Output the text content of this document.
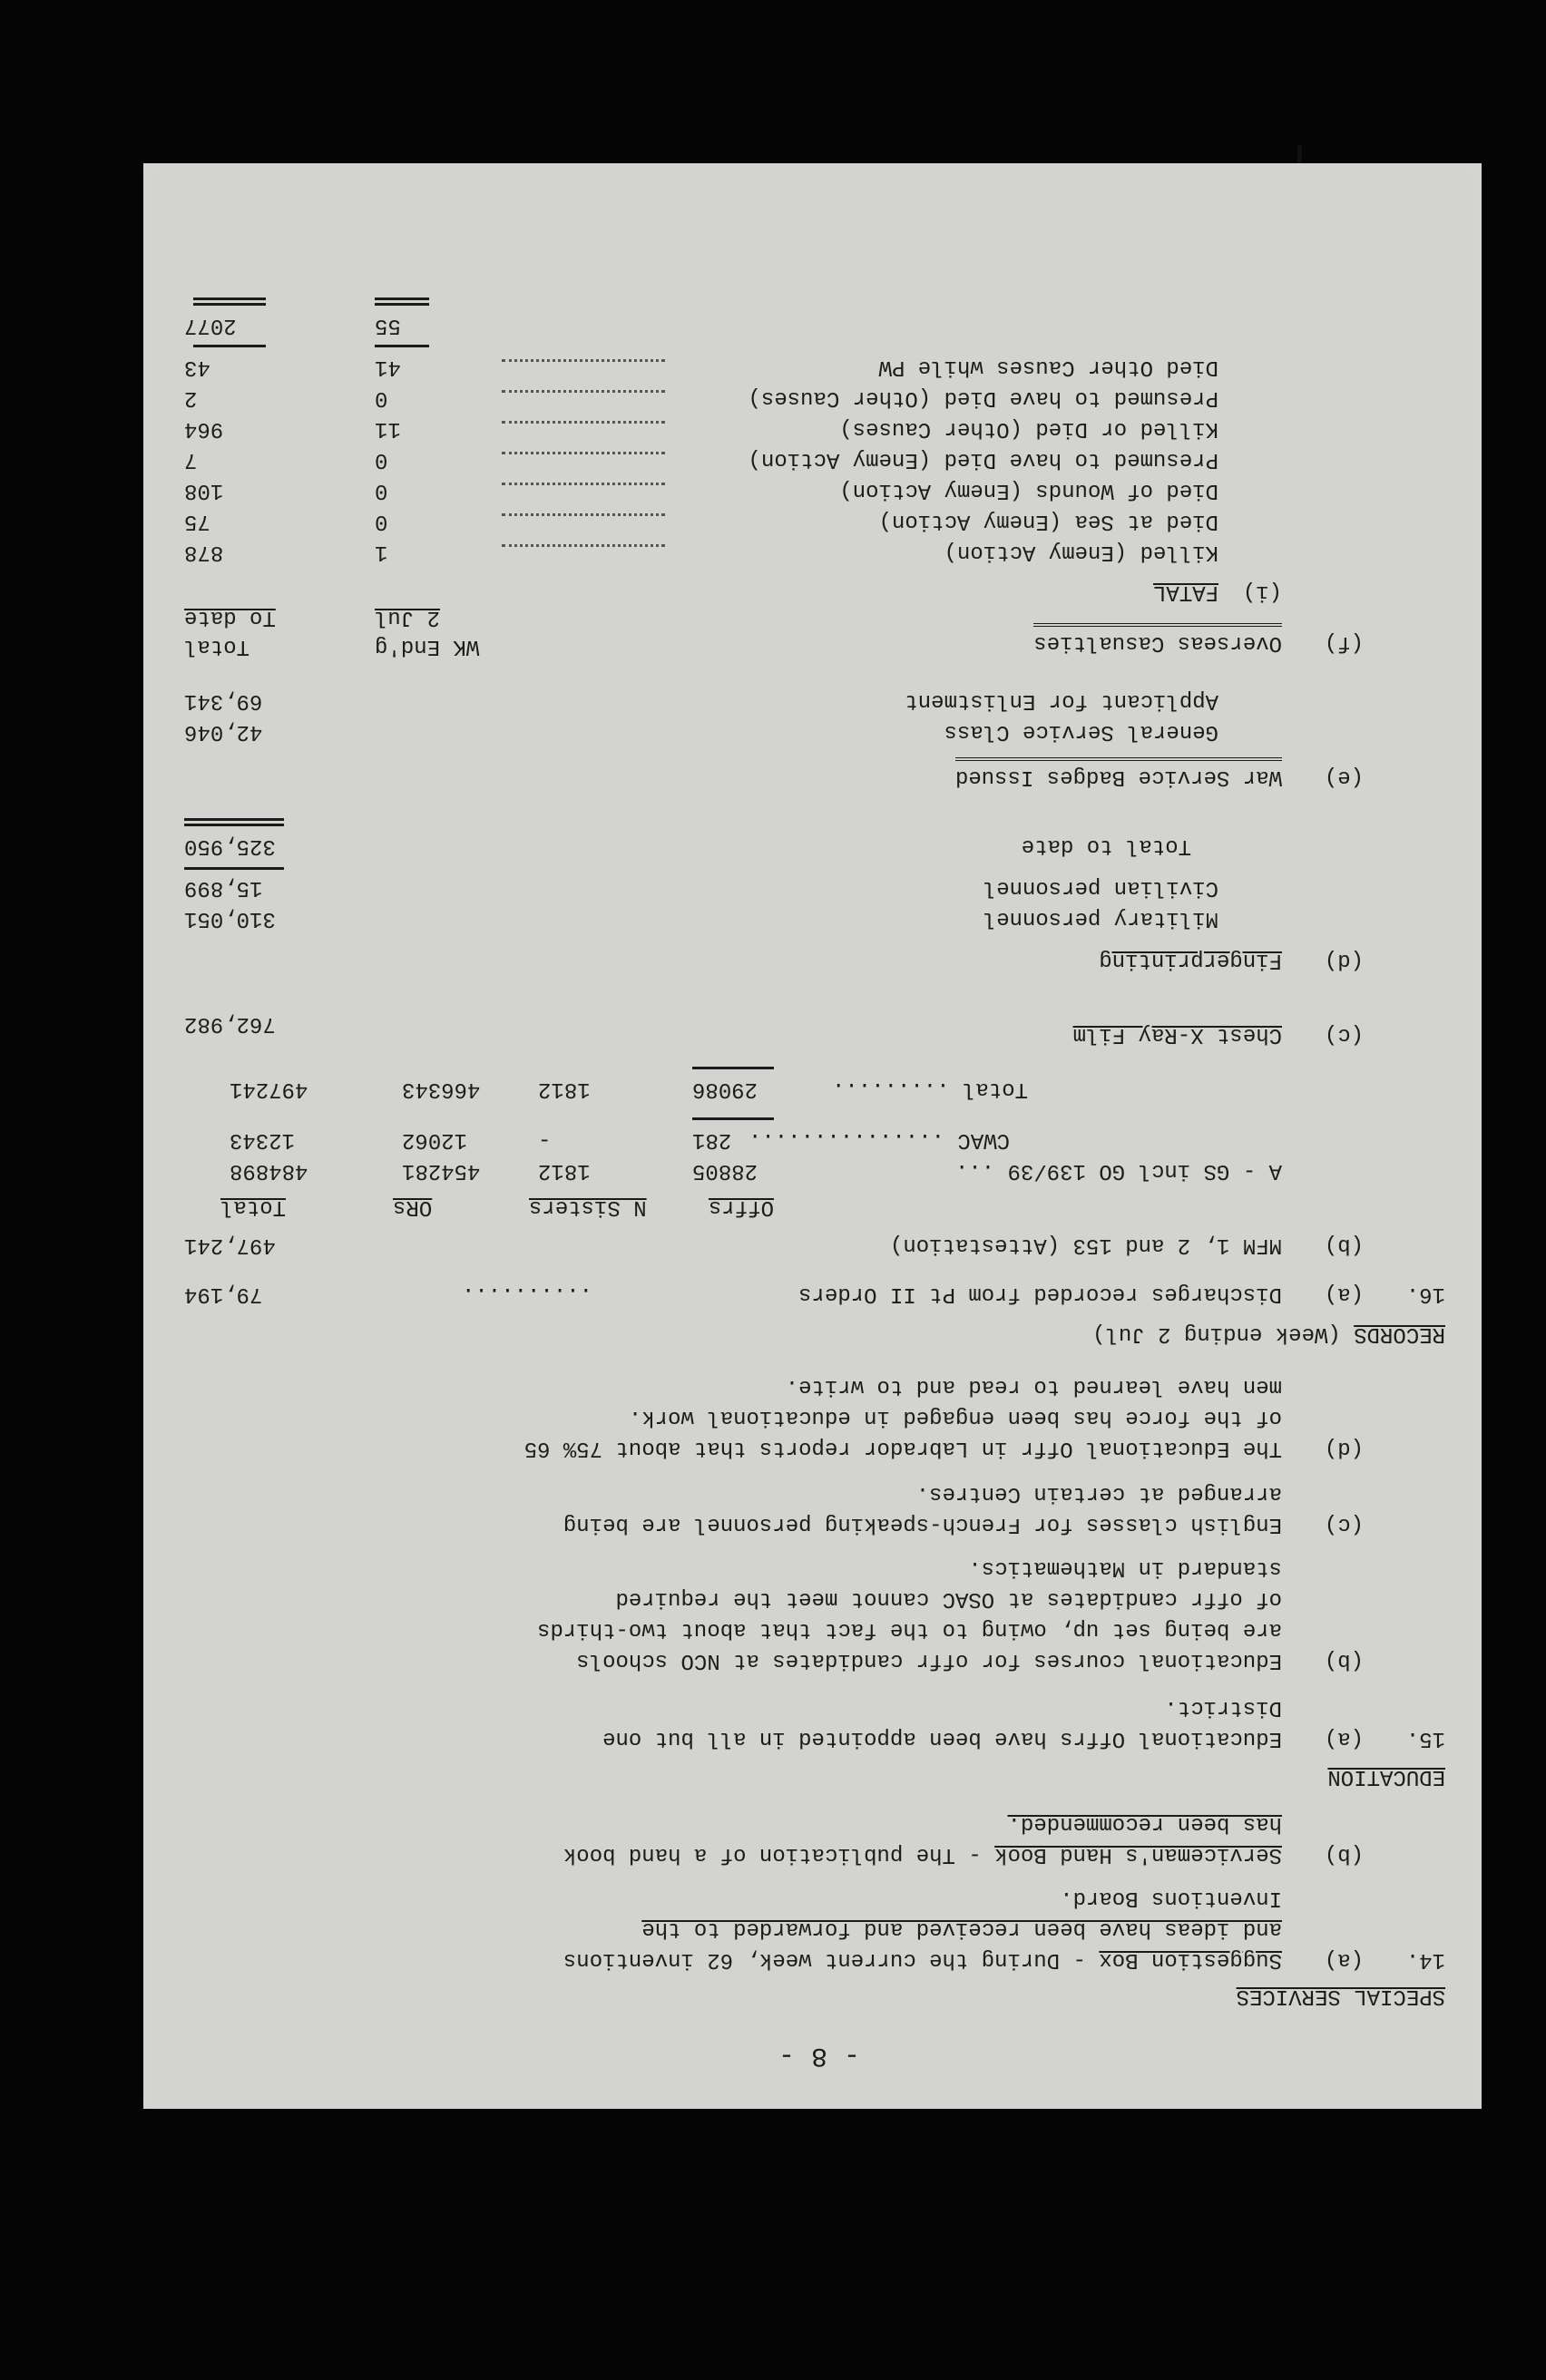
- 8 -
SPECIAL SERVICES
14.
(a)
Suggestion Box - During the current week, 62 inventions
and ideas have been received and forwarded to the
Inventions Board.
(b)
Serviceman's Hand Book - The publication of a hand book
has been recommended.
EDUCATION
15.
(a)
Educational Offrs have been appointed in all but one
District.
(b)
Educational courses for offr candidates at NCO schools
are being set up, owing to the fact that about two-thirds
of offr candidates at OSAC cannot meet the required
standard in Mathematics.
(c)
English classes for French-speaking personnel are being
arranged at certain Centres.
(d)
The Educational Offr in Labrador reports that about 75% 65
of the force has been engaged in educational work.
men have learned to read and to write.
RECORDS (Week ending 2 Jul)
16.
(a)
Discharges recorded from Pt II Orders
..........
79,194
(b)
MFM 1, 2 and 153 (Attestation)
497,241
Offrs
N Sisters
ORs
Total
A - GS incl GO 139/39 ...
28805
1812
454281
484898
CWAC ...............
281
-
12062
12343
Total .........
29086
1812
466343
497241
(c)
Chest X-Ray Film
762,982
(d)
Fingerprinting
Military personnel
310,051
Civilian personnel
15,899
Total to date
325,950
(e)
War Service Badges Issued
General Service Class
42,046
Applicant for Enlistment
69,341
(f)
Overseas Casualties
WK End'g
2 Jul
Total
To date
(i)
FATAL
Killed (Enemy Action)
1
878
Died at Sea (Enemy Action)
0
75
Died of Wounds (Enemy Action)
0
108
Presumed to have Died (Enemy Action)
0
7
Killed or Died (Other Causes)
11
964
Presumed to have Died (Other Causes)
0
2
Died Other Causes while PW
41
43
55
2077
